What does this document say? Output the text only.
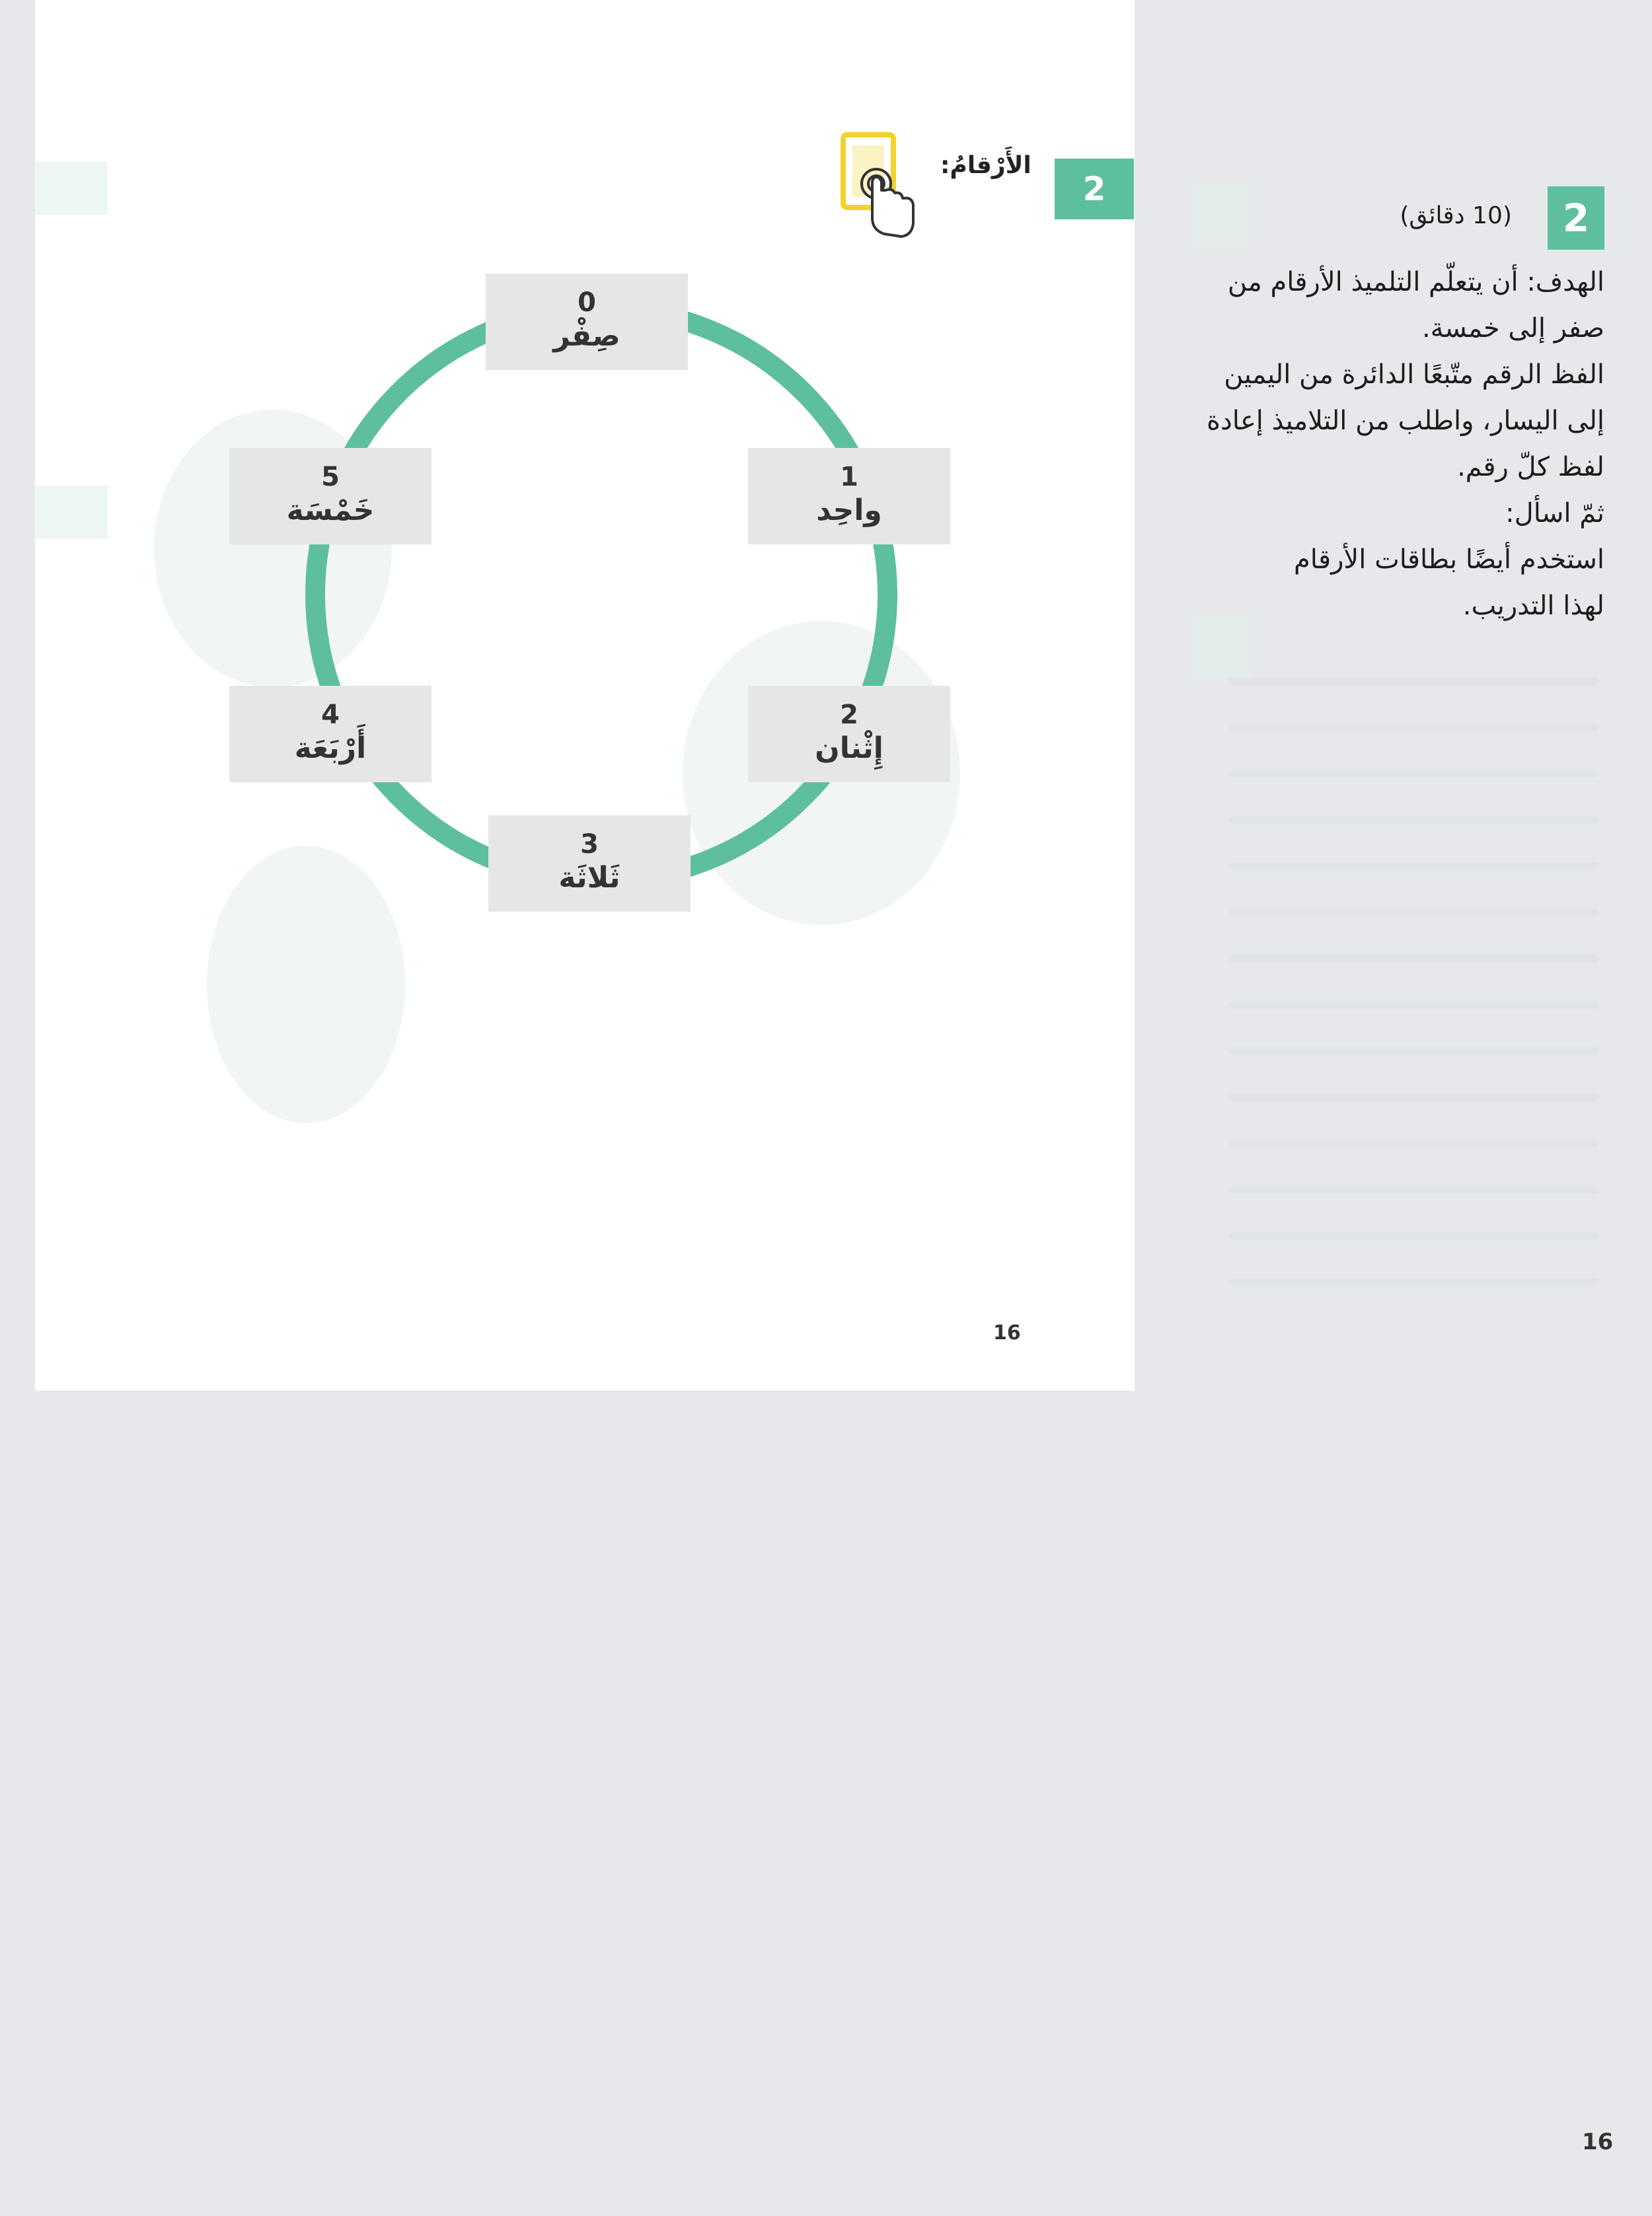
2
الأَرْقامُ:
0
صِفْر
1
واحِد
2
إِثْنان
3
ثَلاثَة
4
أَرْبَعَة
5
خَمْسَة
16
2
(10 دقائق)

الهدف: أن يتعلّم التلميذ الأرقام من

صفر إلى خمسة.

الفظ الرقم متّبعًا الدائرة من اليمين

إلى اليسار، واطلب من التلاميذ إعادة

لفظ كلّ رقم.

ثمّ اسأل:

استخدم أيضًا بطاقات الأرقام

لهذا التدريب.

16
